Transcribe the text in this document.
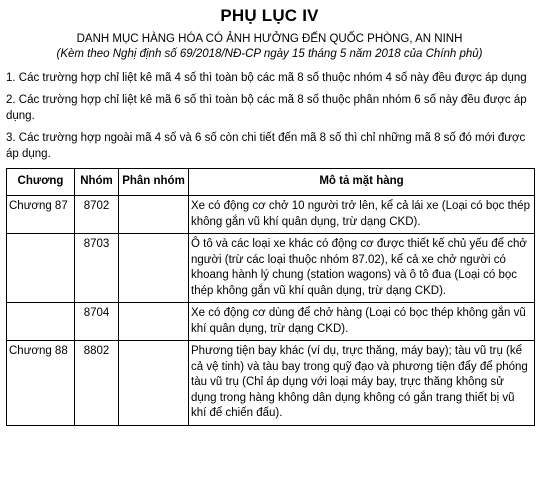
PHỤ LỤC IV
DANH MỤC HÀNG HÓA CÓ ẢNH HƯỞNG ĐẾN QUỐC PHÒNG, AN NINH
(Kèm theo Nghị định số 69/2018/NĐ-CP ngày 15 tháng 5 năm 2018 của Chính phủ)

1. Các trường hợp chỉ liệt kê mã 4 số thì toàn bộ các mã 8 số thuộc nhóm 4 số này đều được áp dụng

2. Các trường hợp chỉ liệt kê mã 6 số thì toàn bộ các mã 8 số thuộc phân nhóm 6 số này đều được áp dụng.

3. Các trường hợp ngoài mã 4 số và 6 số còn chi tiết đến mã 8 số thì chỉ những mã 8 số đó mới được áp dụng.

Chương	Nhóm	Phân nhóm	Mô tả mặt hàng
Chương 87	8702		Xe có động cơ chở 10 người trở lên, kể cả lái xe (Loại có bọc thép không gắn vũ khí quân dụng, trừ dạng CKD).
	8703		Ô tô và các loại xe khác có động cơ được thiết kế chủ yếu để chở người (trừ các loại thuộc nhóm 87.02), kể cả xe chở người có khoang hành lý chung (station wagons) và ô tô đua (Loại có bọc thép không gắn vũ khí quân dụng, trừ dạng CKD).
	8704		Xe có động cơ dùng để chở hàng (Loại có bọc thép không gắn vũ khí quân dụng, trừ dạng CKD).
Chương 88	8802		Phương tiện bay khác (ví dụ, trực thăng, máy bay); tàu vũ trụ (kể cả vệ tinh) và tàu bay trong quỹ đạo và phương tiện đẩy để phóng tàu vũ trụ (Chỉ áp dụng với loại máy bay, trực thăng không sử dụng trong hàng không dân dụng không có gắn trang thiết bị vũ khí để chiến đấu).
